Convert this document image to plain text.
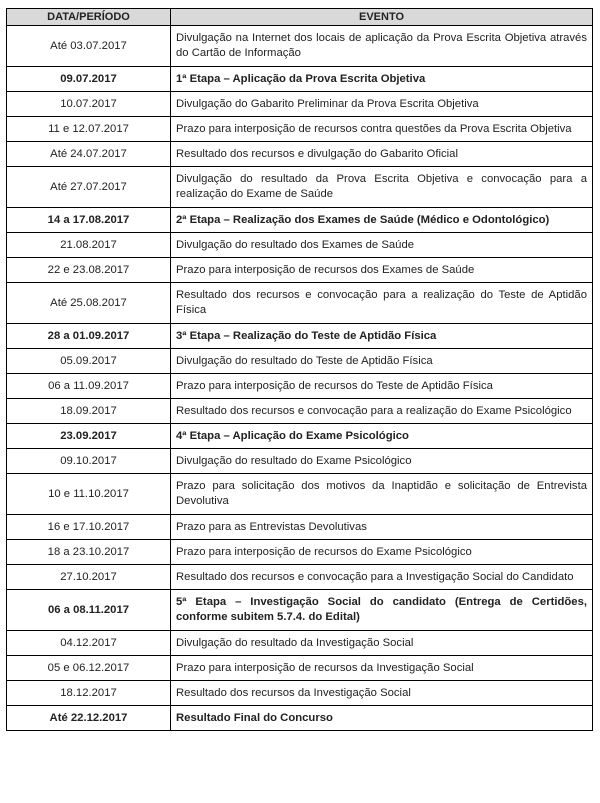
DATA/PERÍODO	EVENTO
Até 03.07.2017	Divulgação na Internet dos locais de aplicação da Prova Escrita Objetiva através do Cartão de Informação
09.07.2017	1ª Etapa – Aplicação da Prova Escrita Objetiva
10.07.2017	Divulgação do Gabarito Preliminar da Prova Escrita Objetiva
11 e 12.07.2017	Prazo para interposição de recursos contra questões da Prova Escrita Objetiva
Até 24.07.2017	Resultado dos recursos e divulgação do Gabarito Oficial
Até 27.07.2017	Divulgação do resultado da Prova Escrita Objetiva e convocação para a realização do Exame de Saúde
14 a 17.08.2017	2ª Etapa – Realização dos Exames de Saúde (Médico e Odontológico)
21.08.2017	Divulgação do resultado dos Exames de Saúde
22 e 23.08.2017	Prazo para interposição de recursos dos Exames de Saúde
Até 25.08.2017	Resultado dos recursos e convocação para a realização do Teste de Aptidão Física
28 a 01.09.2017	3ª Etapa – Realização do Teste de Aptidão Física
05.09.2017	Divulgação do resultado do Teste de Aptidão Física
06 a 11.09.2017	Prazo para interposição de recursos do Teste de Aptidão Física
18.09.2017	Resultado dos recursos e convocação para a realização do Exame Psicológico
23.09.2017	4ª Etapa – Aplicação do Exame Psicológico
09.10.2017	Divulgação do resultado do Exame Psicológico
10 e 11.10.2017	Prazo para solicitação dos motivos da Inaptidão e solicitação de Entrevista Devolutiva
16 e 17.10.2017	Prazo para as Entrevistas Devolutivas
18 a 23.10.2017	Prazo para interposição de recursos do Exame Psicológico
27.10.2017	Resultado dos recursos e convocação para a Investigação Social do Candidato
06 a 08.11.2017	5ª Etapa – Investigação Social do candidato (Entrega de Certidões, conforme subitem 5.7.4. do Edital)
04.12.2017	Divulgação do resultado da Investigação Social
05 e 06.12.2017	Prazo para interposição de recursos da Investigação Social
18.12.2017	Resultado dos recursos da Investigação Social
Até 22.12.2017	Resultado Final do Concurso
